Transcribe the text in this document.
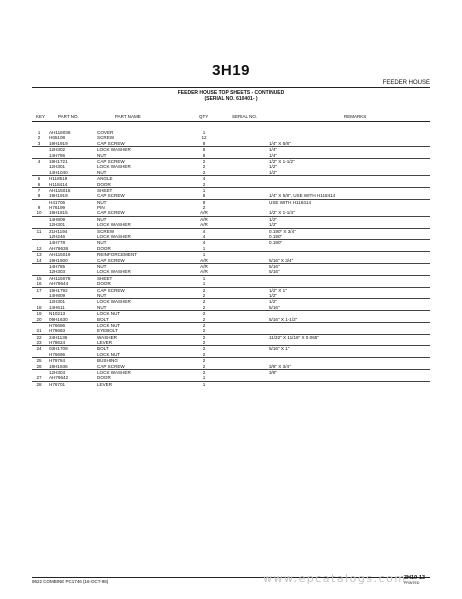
3H19
FEEDER HOUSE
FEEDER HOUSE TOP SHEETS - CONTINUED
(SERIAL NO. 610401- )
KEY	PART NO.	PART NAME	QTY	SERIAL NO.	REMARKS
1	AH118036	COVER	1
2	H65108	SCREW	12
3	19H1919	CAP SCREW	8	1/4" X 5/8"
12H302	LOCK WASHER	8	1/4"
14H786	NUT	8	1/4"
4	19H1721	CAP SCREW	2	1/2" X 1-1/2"
12H301	LOCK WASHER	2	1/2"
14H1040	NUT	2	1/2"
5	H118519	ANGLE	4
6	H118414	DOOR	2
7	AH115016	SHEET	1
8	19H1919	CAP SCREW	8	1/4" X 5/8", USE WITH H118414
H41706	NUT	8	USE WITH H118414
9	H76199	PIN	2
10	19H1815	CAP SCREW	A/R	1/2" X 1-1/4"
14H809	NUT	A/R	1/2"
12H301	LOCK WASHER	A/R	1/2"
11	21H1194	SCREW	4	0.190" X 3/4"
12H246	LOCK WASHER	4	0.190"
14H778	NUT	4	0.190"
12	AH79636	DOOR	1
13	AH115019	REINFORCEMENT	1
14	19H1900	CAP SCREW	A/R	5/16" X 3/4"
14H785	NUT	A/R	5/16"
12H303	LOCK WASHER	A/R	5/16"
15	AH115078	SHEET	1
16	AH79644	DOOR	1
17	19H1792	CAP SCREW	2	1/2" X 1"
14H809	NUT	2	1/2"
12H301	LOCK WASHER	2	1/2"
18	14H611	NUT	2	5/16"
19	N10213	LOCK NUT	2
20	09H1630	BOLT	2	5/16" X 1-1/2"
H76696	LOCK NUT	2
21	H76683	EYEBOLT	2
22	24H1136	WASHER	2	11/32" X 11/16" X 0.065"
23	H78624	LEVER	2
24	03H1709	BOLT	2	5/16" X 1"
H76696	LOCK NUT	2
25	H79784	BUSHING	2
26	19H1936	CAP SCREW	2	3/8" X 3/4"
12H304	LOCK WASHER	2	3/8"
27	AH79642	DOOR	1
28	H76701	LEVER	1
9622 COMBINE PC1746 (16-OCT-98)	www.epcatalogs.com
3H19-13
PRINTED
